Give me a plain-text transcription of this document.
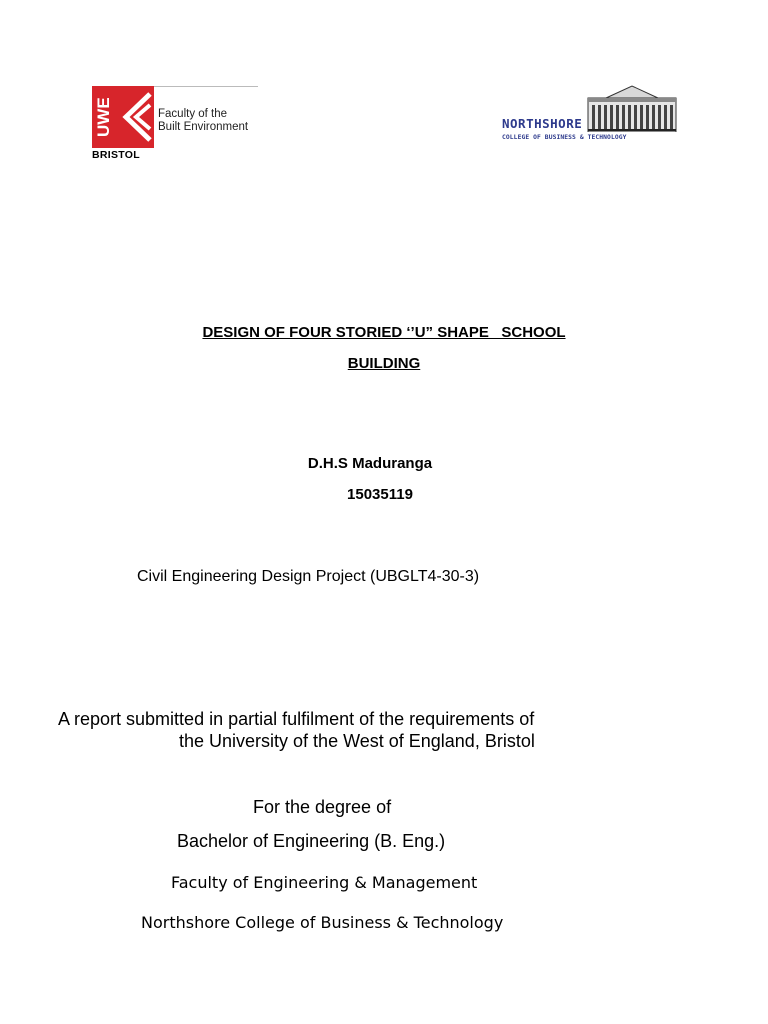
UWE	Faculty of the
Built Environment
BRISTOL
NORTHSHORE
COLLEGE OF BUSINESS & TECHNOLOGY
DESIGN OF FOUR STORIED ‘’U” SHAPE   SCHOOL
BUILDING
D.H.S Maduranga
15035119
Civil Engineering Design Project (UBGLT4-30-3)
A report submitted in partial fulfilment of the requirements of
the University of the West of England, Bristol
For the degree of
Bachelor of Engineering (B. Eng.)
Faculty of Engineering & Management
Northshore College of Business & Technology
